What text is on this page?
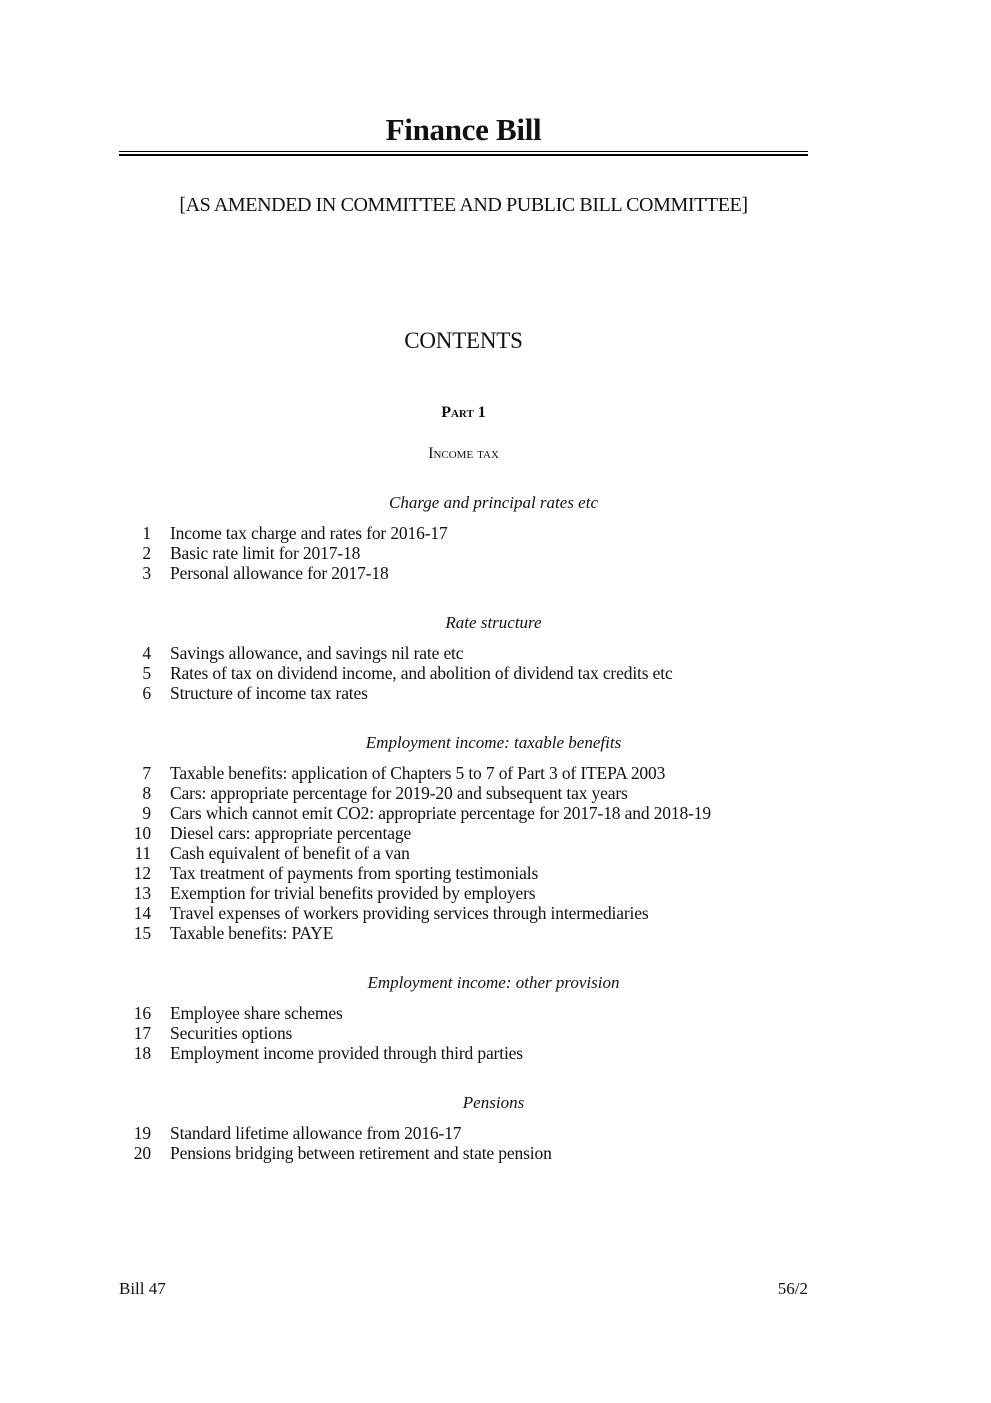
Finance Bill
[AS AMENDED IN COMMITTEE AND PUBLIC BILL COMMITTEE]
CONTENTS
Part 1
Income tax
Charge and principal rates etc
1	Income tax charge and rates for 2016-17
2	Basic rate limit for 2017-18
3	Personal allowance for 2017-18
Rate structure
4	Savings allowance, and savings nil rate etc
5	Rates of tax on dividend income, and abolition of dividend tax credits etc
6	Structure of income tax rates
Employment income: taxable benefits
7	Taxable benefits: application of Chapters 5 to 7 of Part 3 of ITEPA 2003
8	Cars: appropriate percentage for 2019-20 and subsequent tax years
9	Cars which cannot emit CO2: appropriate percentage for 2017-18 and 2018-19
10	Diesel cars: appropriate percentage
11	Cash equivalent of benefit of a van
12	Tax treatment of payments from sporting testimonials
13	Exemption for trivial benefits provided by employers
14	Travel expenses of workers providing services through intermediaries
15	Taxable benefits: PAYE
Employment income: other provision
16	Employee share schemes
17	Securities options
18	Employment income provided through third parties
Pensions
19	Standard lifetime allowance from 2016-17
20	Pensions bridging between retirement and state pension
Bill 47	56/2
